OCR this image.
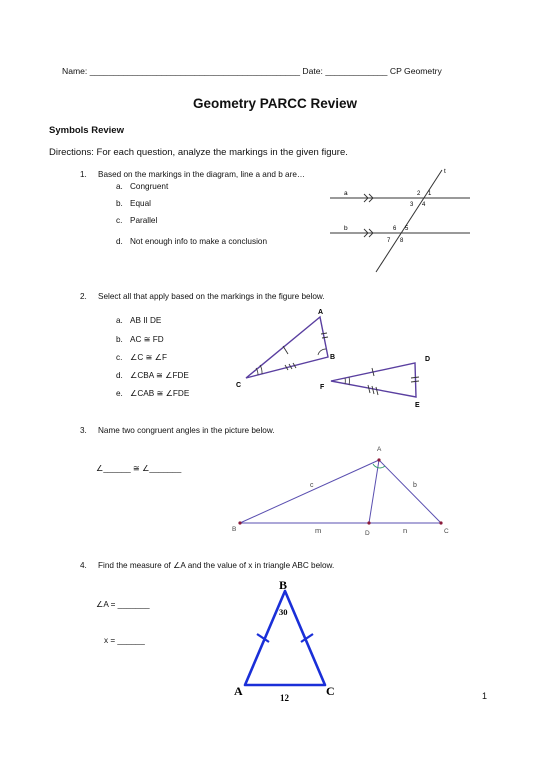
Name: ____________________________________________ Date: _____________ CP Geometry
Geometry PARCC Review
Symbols Review
Directions: For each question, analyze the markings in the given figure.
1. Based on the markings in the diagram, line a and b are…
a. Congruent
b. Equal
c. Parallel
d. Not enough info to make a conclusion
t
a
b
2 1
3 4
6 5
7 8
2. Select all that apply based on the markings in the figure below.
a. AB II DE
b. AC ≅ FD
c. ∠C ≅ ∠F
d. ∠CBA ≅ ∠FDE
e. ∠CAB ≅ ∠FDE
A
B
C
D
E
F
3. Name two congruent angles in the picture below.
∠______ ≅ ∠_______
A
B
D	C
c	b
m	n
4. Find the measure of ∠A and the value of x in triangle ABC below.
∠A = _______
x = ______
B
A	C
30
12	1
